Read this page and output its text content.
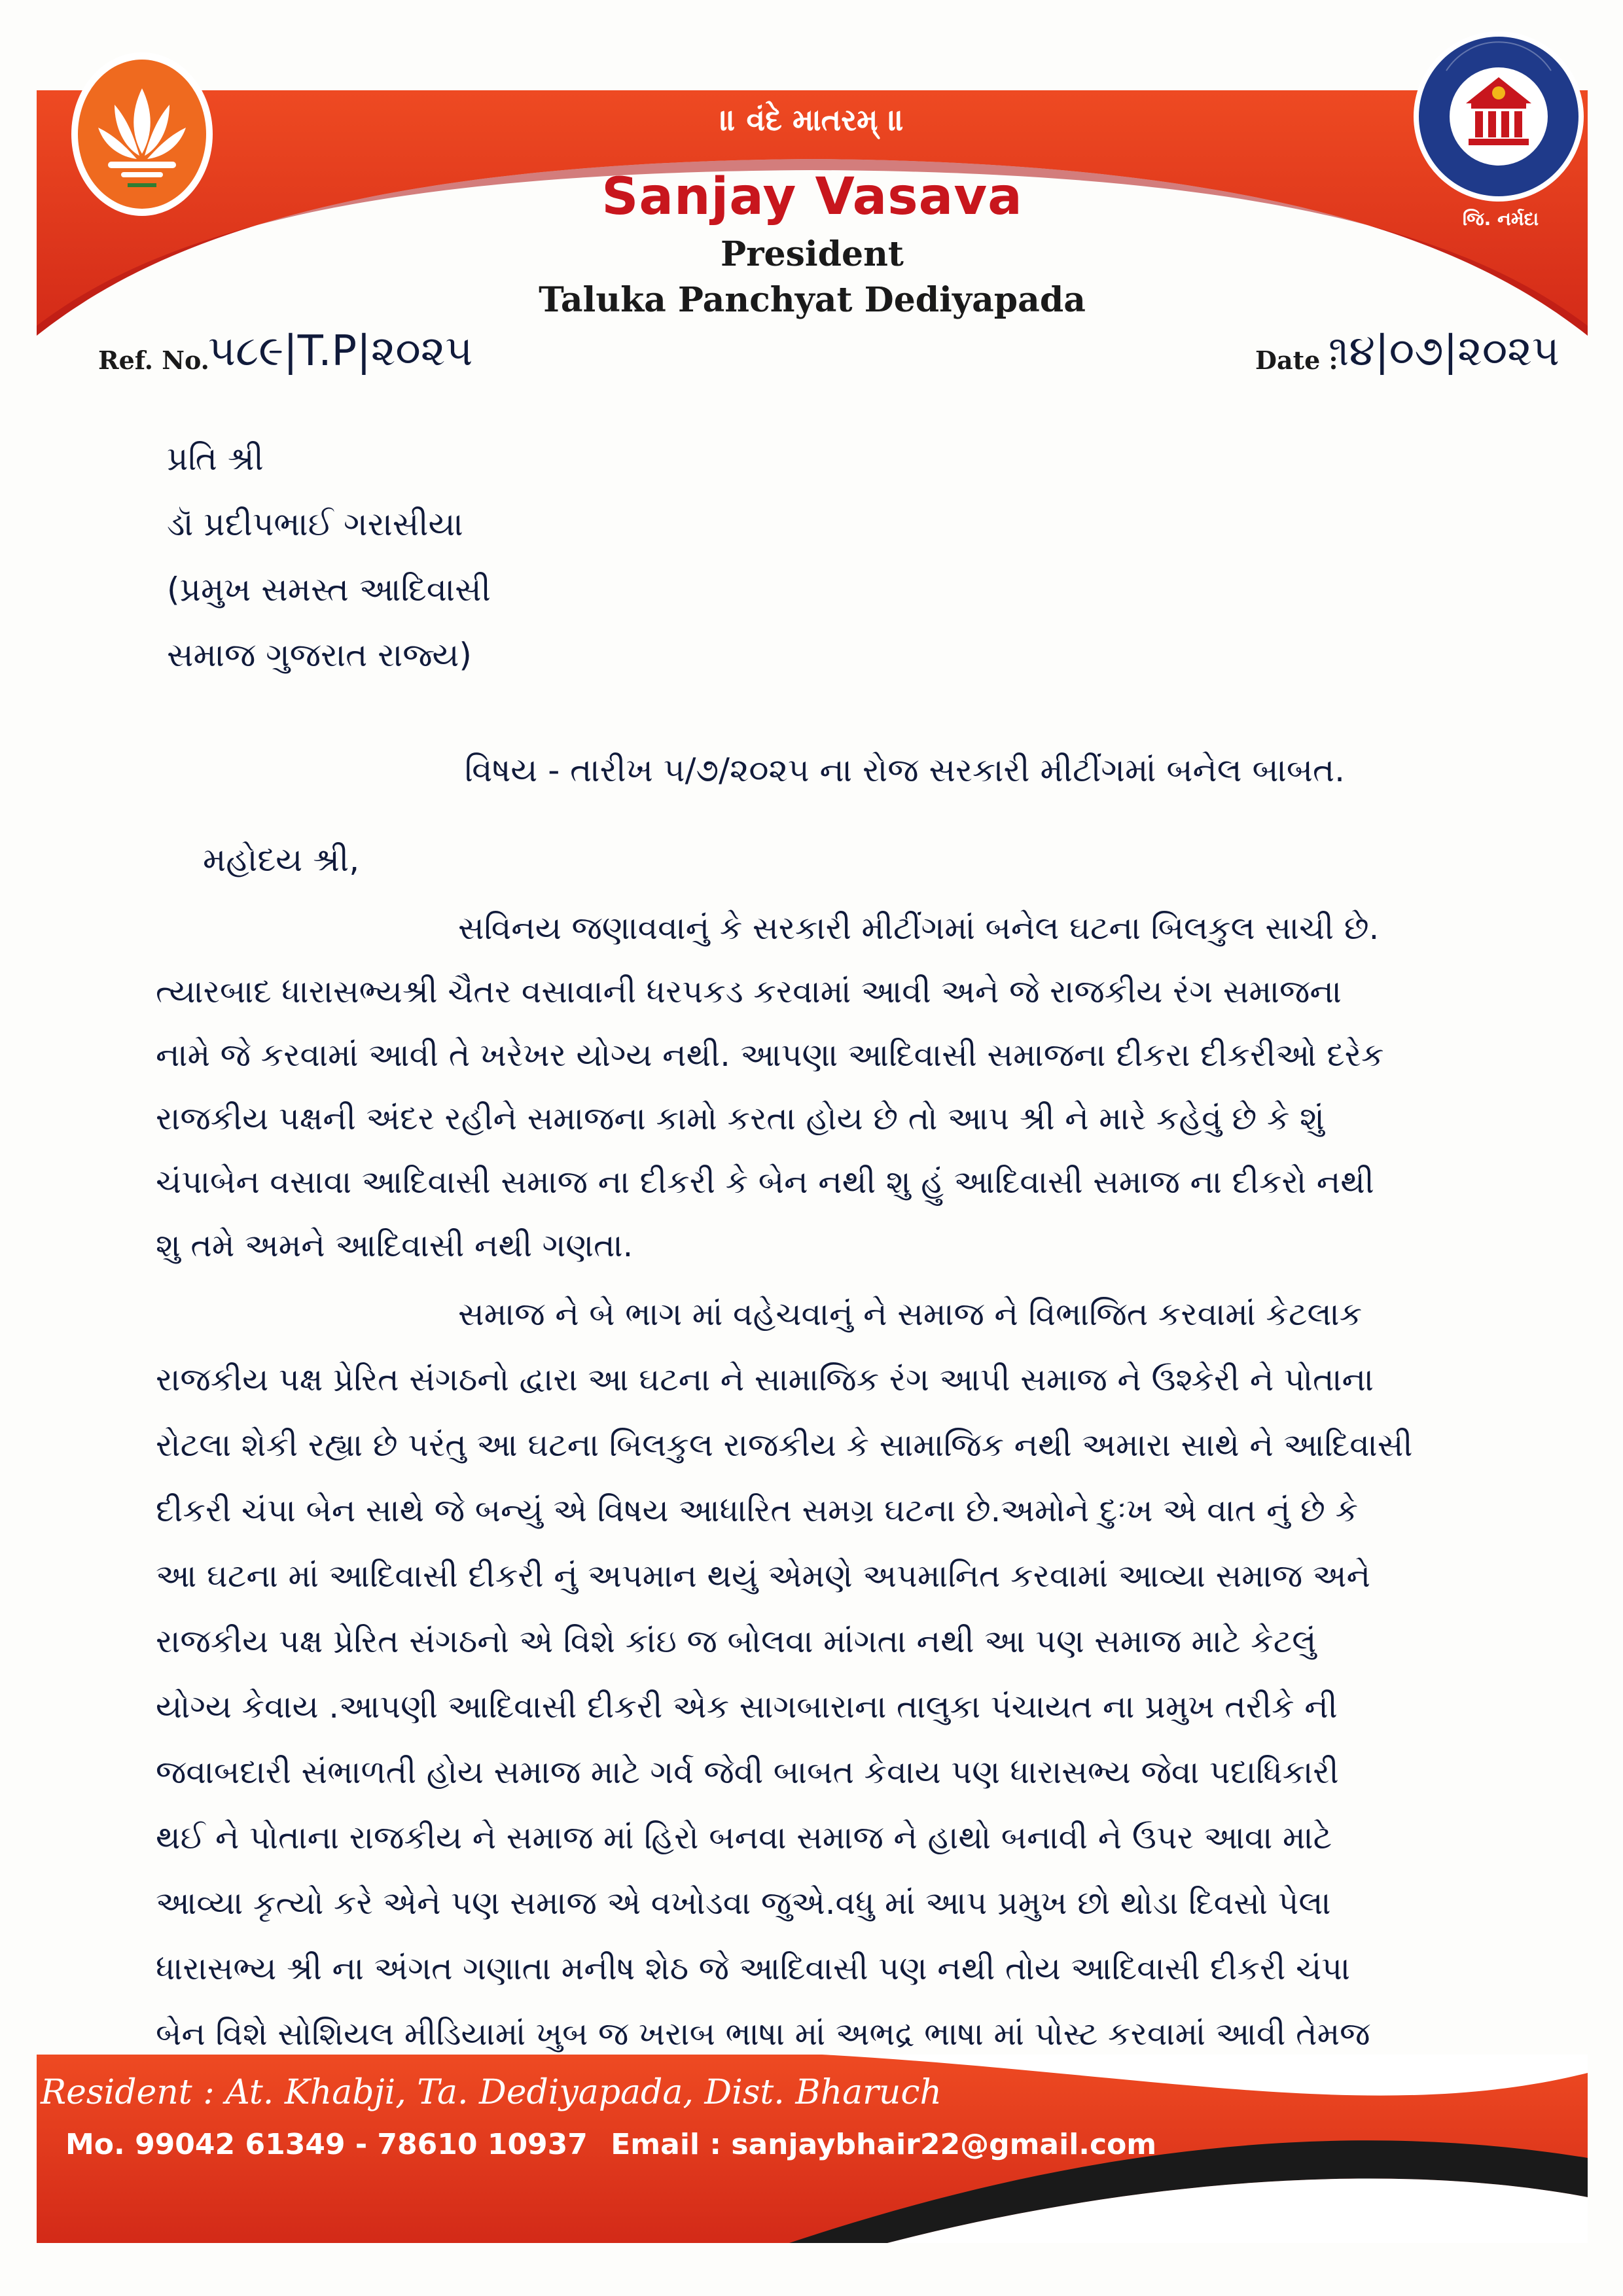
॥ વંદે માતરમ્ ॥
Sanjay Vasava
President
Taluka Panchyat Dediyapada
જિ. નર્મદા
Ref. No.
૫૮૯|T.P|૨૦૨૫	Date :
૧૪|૦૭|૨૦૨૫
પ્રતિ શ્રી
ડૉ પ્રદીપભાઈ ગરાસીયા
(પ્રમુખ સમસ્ત આદિવાસી
સમાજ ગુજરાત રાજ્ય)
વિષય - તારીખ ૫/૭/૨૦૨૫ ના રોજ સરકારી મીટીંગમાં બનેલ બાબત.
મહોદય શ્રી,
સવિનય જણાવવાનું કે સરકારી મીટીંગમાં બનેલ ઘટના બિલકુલ સાચી છે.
ત્યારબાદ ધારાસભ્યશ્રી ચૈતર વસાવાની ધરપકડ કરવામાં આવી અને જે રાજકીય રંગ સમાજના
નામે જે કરવામાં આવી તે ખરેખર યોગ્ય નથી. આપણા આદિવાસી સમાજના દીકરા દીકરીઓ દરેક
રાજકીય પક્ષની અંદર રહીને સમાજના કામો કરતા હોય છે તો આપ શ્રી ને મારે કહેવું છે કે શું
ચંપાબેન વસાવા આદિવાસી સમાજ ના દીકરી કે બેન નથી શુ હું આદિવાસી સમાજ ના દીકરો નથી
શુ તમે અમને આદિવાસી નથી ગણતા.
સમાજ ને બે ભાગ માં વહેચવાનું ને સમાજ ને વિભાજિત કરવામાં કેટલાક
રાજકીય પક્ષ પ્રેરિત સંગઠનો દ્વારા આ ઘટના ને સામાજિક રંગ આપી સમાજ ને ઉશ્કેરી ને પોતાના
રોટલા શેકી રહ્યા છે પરંતુ આ ઘટના બિલકુલ રાજકીય કે સામાજિક નથી અમારા સાથે ને આદિવાસી
દીકરી ચંપા બેન સાથે જે બન્યું એ વિષય આધારિત સમગ્ર ઘટના છે.અમોને દુઃખ એ વાત નું છે કે
આ ઘટના માં આદિવાસી દીકરી નું અપમાન થયું એમણે અપમાનિત કરવામાં આવ્યા સમાજ અને
રાજકીય પક્ષ પ્રેરિત સંગઠનો એ વિશે કાંઇ જ બોલવા માંગતા નથી આ પણ સમાજ માટે કેટલું
યોગ્ય કેવાય .આપણી આદિવાસી દીકરી એક સાગબારાના તાલુકા પંચાયત ના પ્રમુખ તરીકે ની
જવાબદારી સંભાળતી હોય સમાજ માટે ગર્વ જેવી બાબત કેવાય પણ ધારાસભ્ય જેવા પદાધિકારી
થઈ ને પોતાના રાજકીય ને સમાજ માં હિરો બનવા સમાજ ને હાથો બનાવી ને ઉપર આવા માટે
આવ્યા કૃત્યો કરે એને પણ સમાજ એ વખોડવા જુએ.વધુ માં આપ પ્રમુખ છો થોડા દિવસો પેલા
ધારાસભ્ય શ્રી ના અંગત ગણાતા મનીષ શેઠ જે આદિવાસી પણ નથી તોય આદિવાસી દીકરી ચંપા
બેન વિશે સોશિયલ મીડિયામાં ખુબ જ ખરાબ ભાષા માં અભદ્ર ભાષા માં પોસ્ટ કરવામાં આવી તેમજ
Resident : At. Khabji, Ta. Dediyapada, Dist. Bharuch
Mo. 99042 61349 - 78610 10937 Email : sanjaybhair22@gmail.com
